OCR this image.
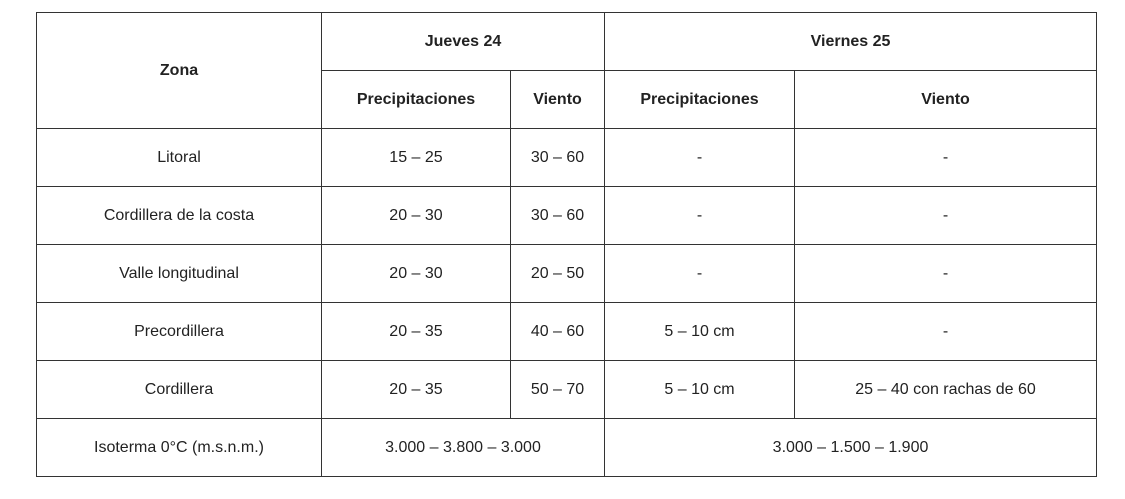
Zona	Jueves 24		Viernes 25	
	Precipitaciones	Viento	Precipitaciones	Viento
Litoral	15 – 25	30 – 60	-	-
Cordillera de la costa	20 – 30	30 – 60	-	-
Valle longitudinal	20 – 30	20 – 50	-	-
Precordillera	20 – 35	40 – 60	5 – 10 cm	-
Cordillera	20 – 35	50 – 70	5 – 10 cm	25 – 40 con rachas de 60
Isoterma 0°C (m.s.n.m.)	3.000 – 3.800 – 3.000		3.000 – 1.500 – 1.900	
